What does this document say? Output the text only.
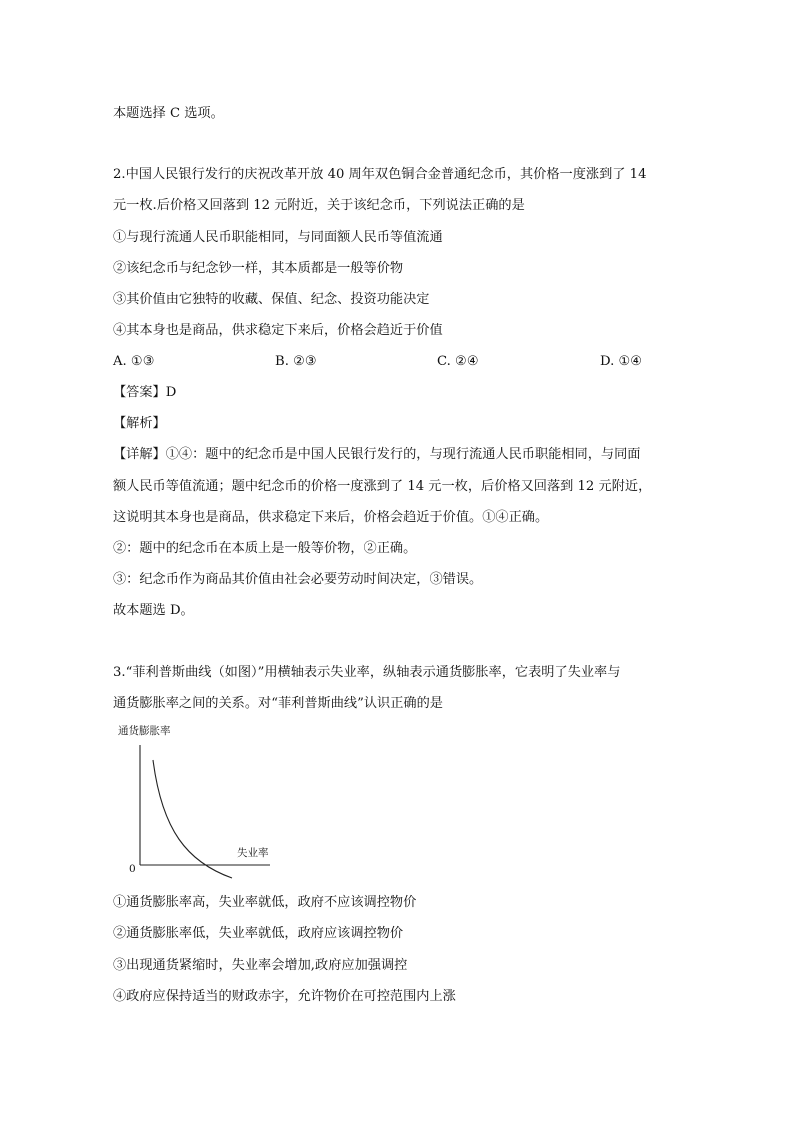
本题选择 C 选项。
2.中国人民银行发行的庆祝改革开放 40 周年双色铜合金普通纪念币，其价格一度涨到了 14
元一枚.后价格又回落到 12 元附近，关于该纪念币，下列说法正确的是
①与现行流通人民币职能相同，与同面额人民币等值流通
②该纪念币与纪念钞一样，其本质都是一般等价物
③其价值由它独特的收藏、保值、纪念、投资功能决定
④其本身也是商品，供求稳定下来后，价格会趋近于价值
A. ①③	B. ②③	C. ②④	D. ①④
【答案】D
【解析】
【详解】①④：题中的纪念币是中国人民银行发行的，与现行流通人民币职能相同，与同面
额人民币等值流通；题中纪念币的价格一度涨到了 14 元一枚，后价格又回落到 12 元附近，
这说明其本身也是商品，供求稳定下来后，价格会趋近于价值。①④正确。
②：题中的纪念币在本质上是一般等价物，②正确。
③：纪念币作为商品其价值由社会必要劳动时间决定，③错误。
故本题选 D。
3.“菲利普斯曲线（如图）”用横轴表示失业率，纵轴表示通货膨胀率，它表明了失业率与
通货膨胀率之间的关系。对“菲利普斯曲线”认识正确的是
通货膨胀率
失业率
0
①通货膨胀率高，失业率就低，政府不应该调控物价
②通货膨胀率低，失业率就低，政府应该调控物价
③出现通货紧缩时，失业率会增加,政府应加强调控
④政府应保持适当的财政赤字，允许物价在可控范围内上涨
